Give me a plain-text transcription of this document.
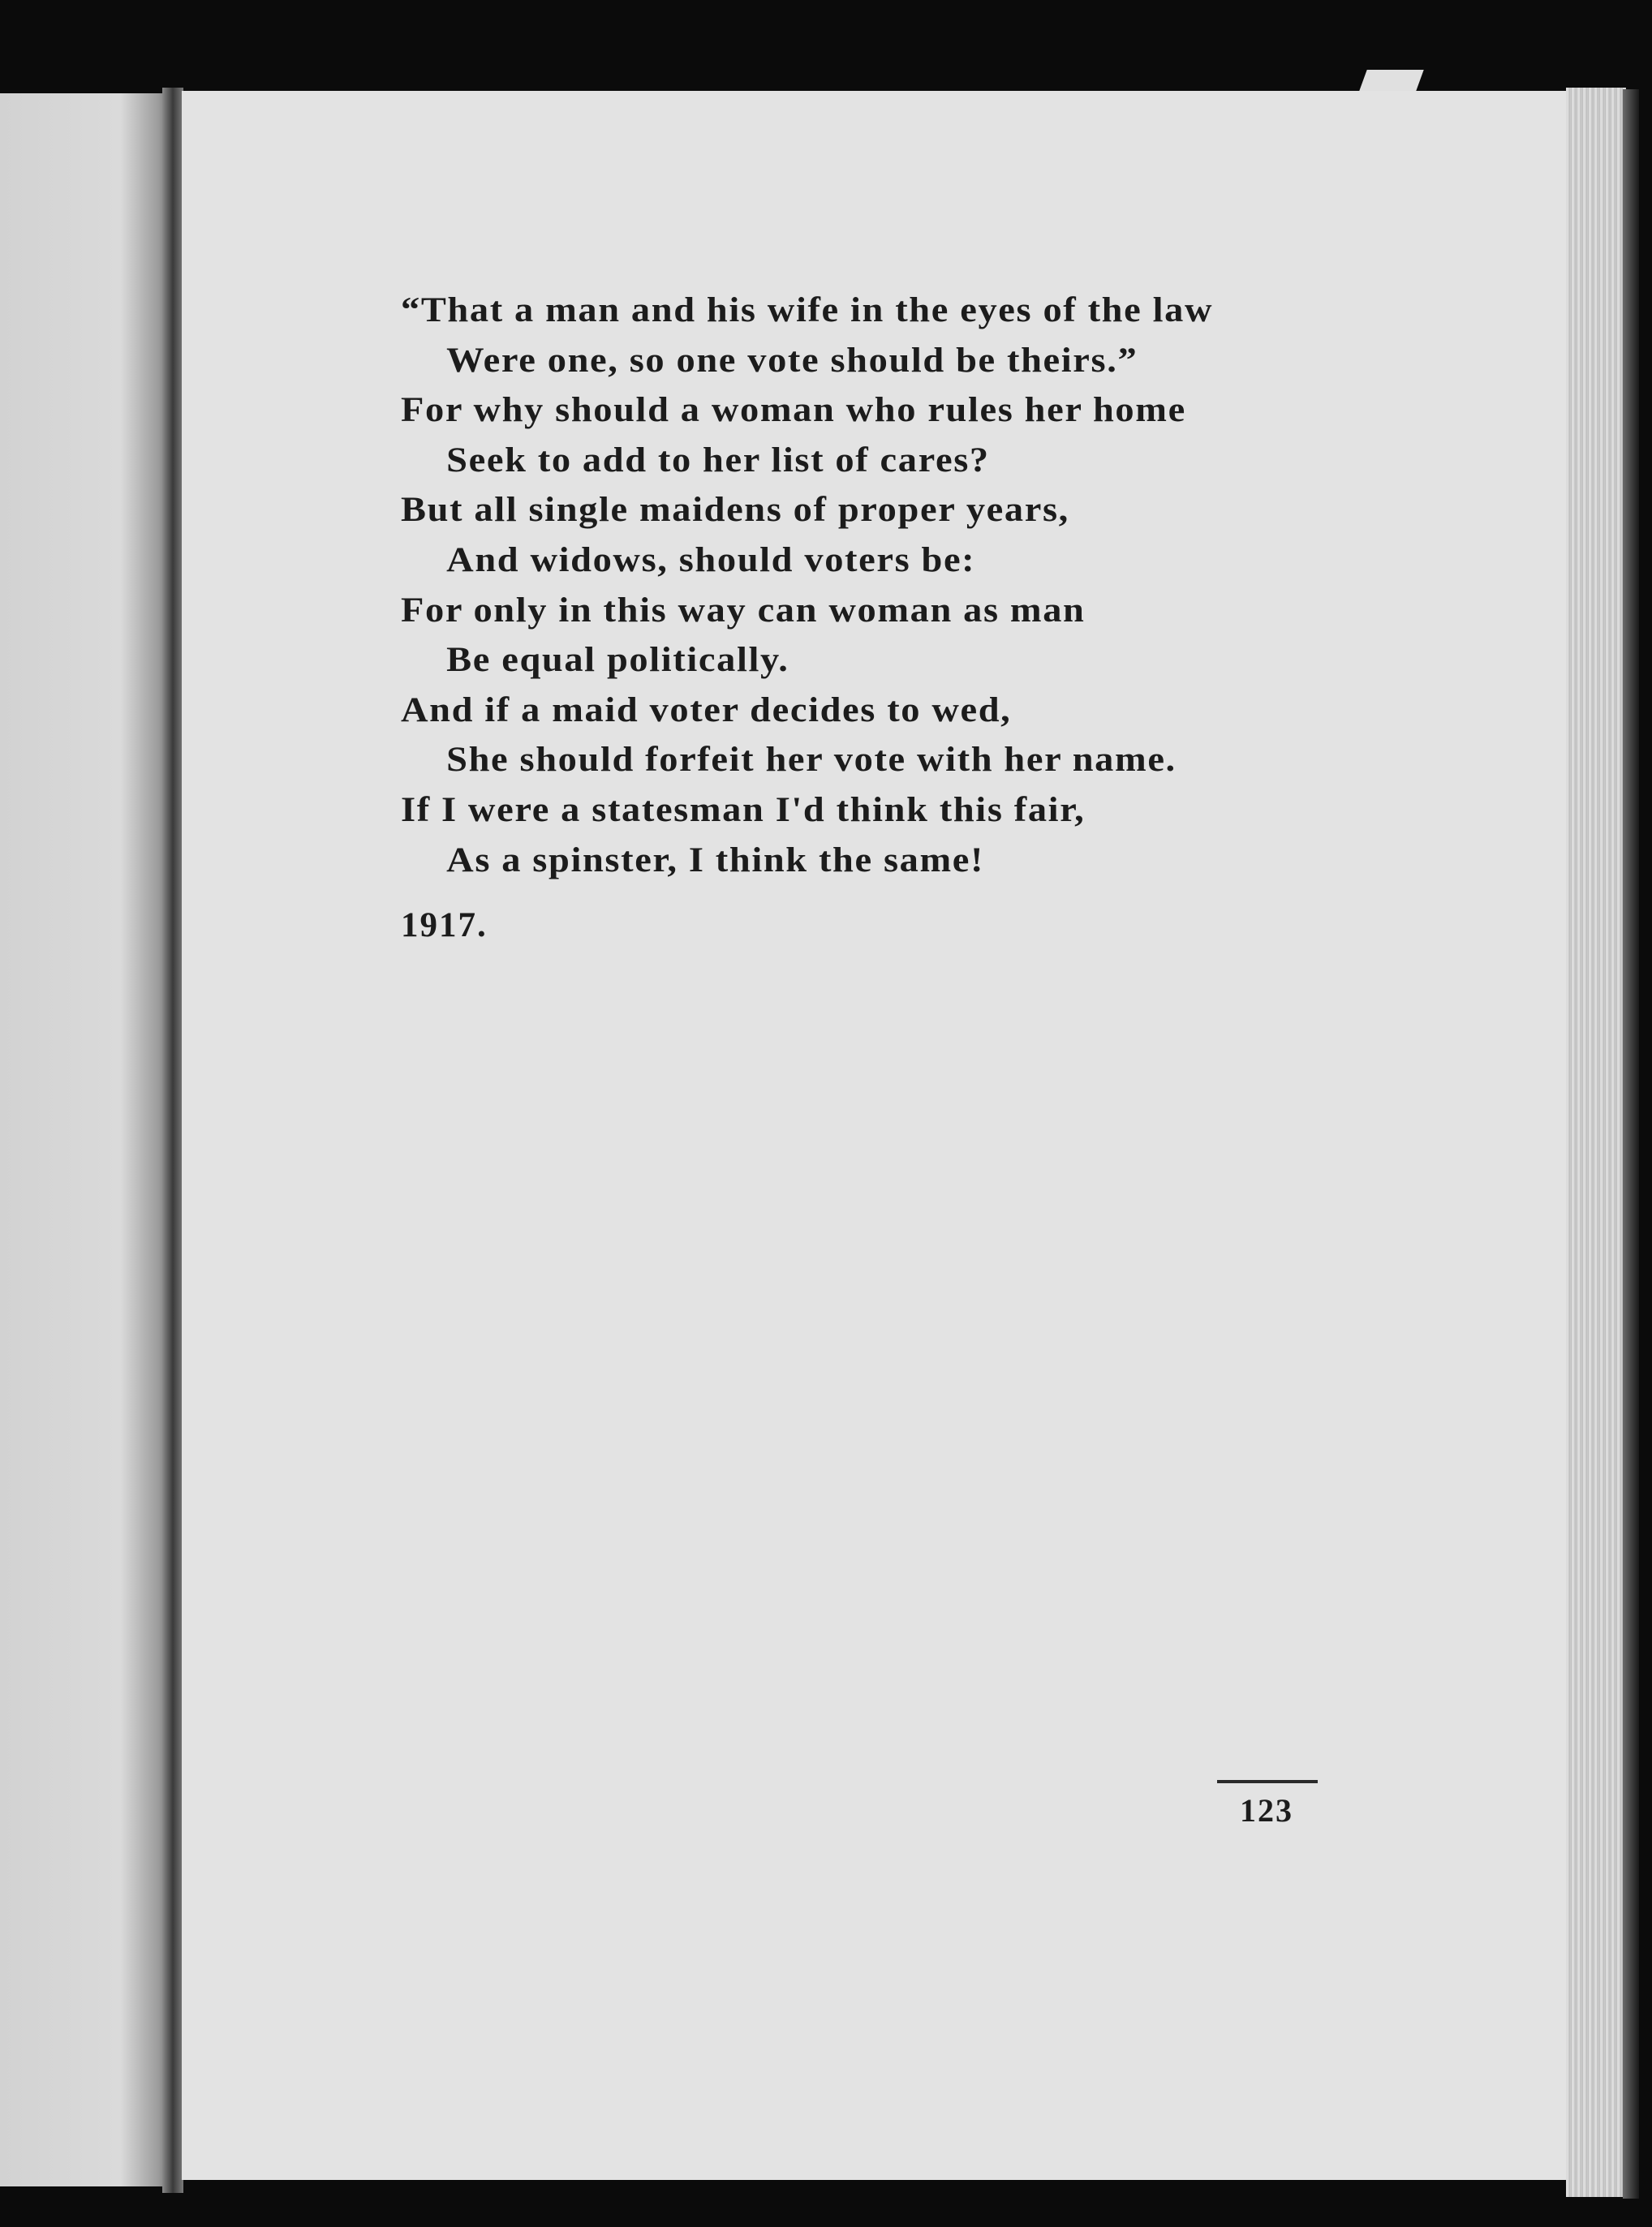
“That a man and his wife in the eyes of the law
Were one, so one vote should be theirs.”
For why should a woman who rules her home
Seek to add to her list of cares?
But all single maidens of proper years,
And widows, should voters be:
For only in this way can woman as man
Be equal politically.
And if a maid voter decides to wed,
She should forfeit her vote with her name.
If I were a statesman I'd think this fair,
As a spinster, I think the same!
1917.
123
